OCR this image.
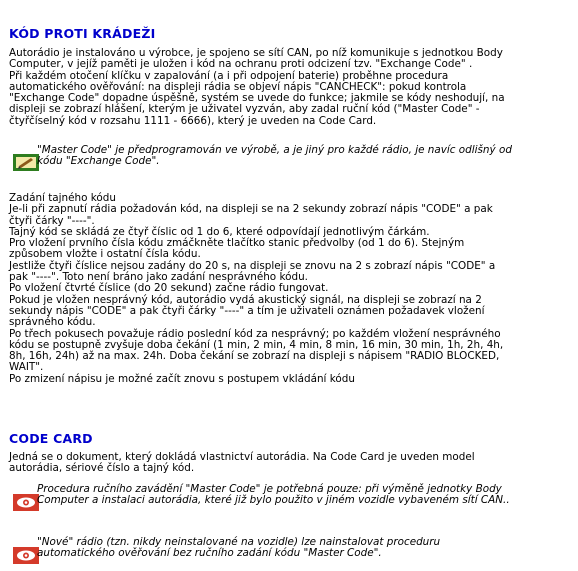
KÓD PROTI KRÁDEŽI
Autorádio je instalováno u výrobce, je spojeno se sítí CAN, po níž komunikuje s jednotkou Body
Computer, v jejíž paměti je uložen i kód na ochranu proti odcizení tzv. "Exchange Code" .
Při každém otočení klíčku v zapalování (a i při odpojení baterie) proběhne procedura
automatického ověřování: na displeji rádia se objeví nápis "CANCHECK": pokud kontrola
"Exchange Code" dopadne úspěšně, systém se uvede do funkce; jakmile se kódy neshodují, na
displeji se zobrazí hlášení, kterým je uživatel vyzván, aby zadal ruční kód ("Master Code" -
čtyřčíselný kód v rozsahu 1111 - 6666), který je uveden na Code Card.
"Master Code" je předprogramován ve výrobě, a je jiný pro každé rádio, je navíc odlišný od
kódu "Exchange Code".
Zadání tajného kódu
Je-li při zapnutí rádia požadován kód, na displeji se na 2 sekundy zobrazí nápis "CODE" a pak
čtyři čárky "----".
Tajný kód se skládá ze čtyř číslic od 1 do 6, které odpovídají jednotlivým čárkám.
Pro vložení prvního čísla kódu zmáčkněte tlačítko stanic předvolby (od 1 do 6). Stejným
způsobem vložte i ostatní čísla kódu.
Jestliže čtyři číslice nejsou zadány do 20 s, na displeji se znovu na 2 s zobrazí nápis "CODE" a
pak "----". Toto není bráno jako zadání nesprávného kódu.
Po vložení čtvrté číslice (do 20 sekund) začne rádio fungovat.
Pokud je vložen nesprávný kód, autorádio vydá akustický signál, na displeji se zobrazí na 2
sekundy nápis "CODE" a pak čtyři čárky "----" a tím je uživateli oznámen požadavek vložení
správného kódu.
Po třech pokusech považuje rádio poslední kód za nesprávný; po každém vložení nesprávného
kódu se postupně zvyšuje doba čekání (1 min, 2 min, 4 min, 8 min, 16 min, 30 min, 1h, 2h, 4h,
8h, 16h, 24h) až na max. 24h. Doba čekání se zobrazí na displeji s nápisem "RADIO BLOCKED,
WAIT".
Po zmizení nápisu je možné začít znovu s postupem vkládání kódu
CODE CARD
Jedná se o dokument, který dokládá vlastnictví autorádia. Na Code Card je uveden model
autorádia, sériové číslo a tajný kód.
Procedura ručního zavádění "Master Code" je potřebná pouze: při výměně jednotky Body
Computer a instalaci autorádia, které již bylo použito v jiném vozidle vybaveném sítí CAN..
"Nové" rádio (tzn. nikdy neinstalované na vozidle) lze nainstalovat proceduru
automatického ověřování bez ručního zadání kódu "Master Code".
